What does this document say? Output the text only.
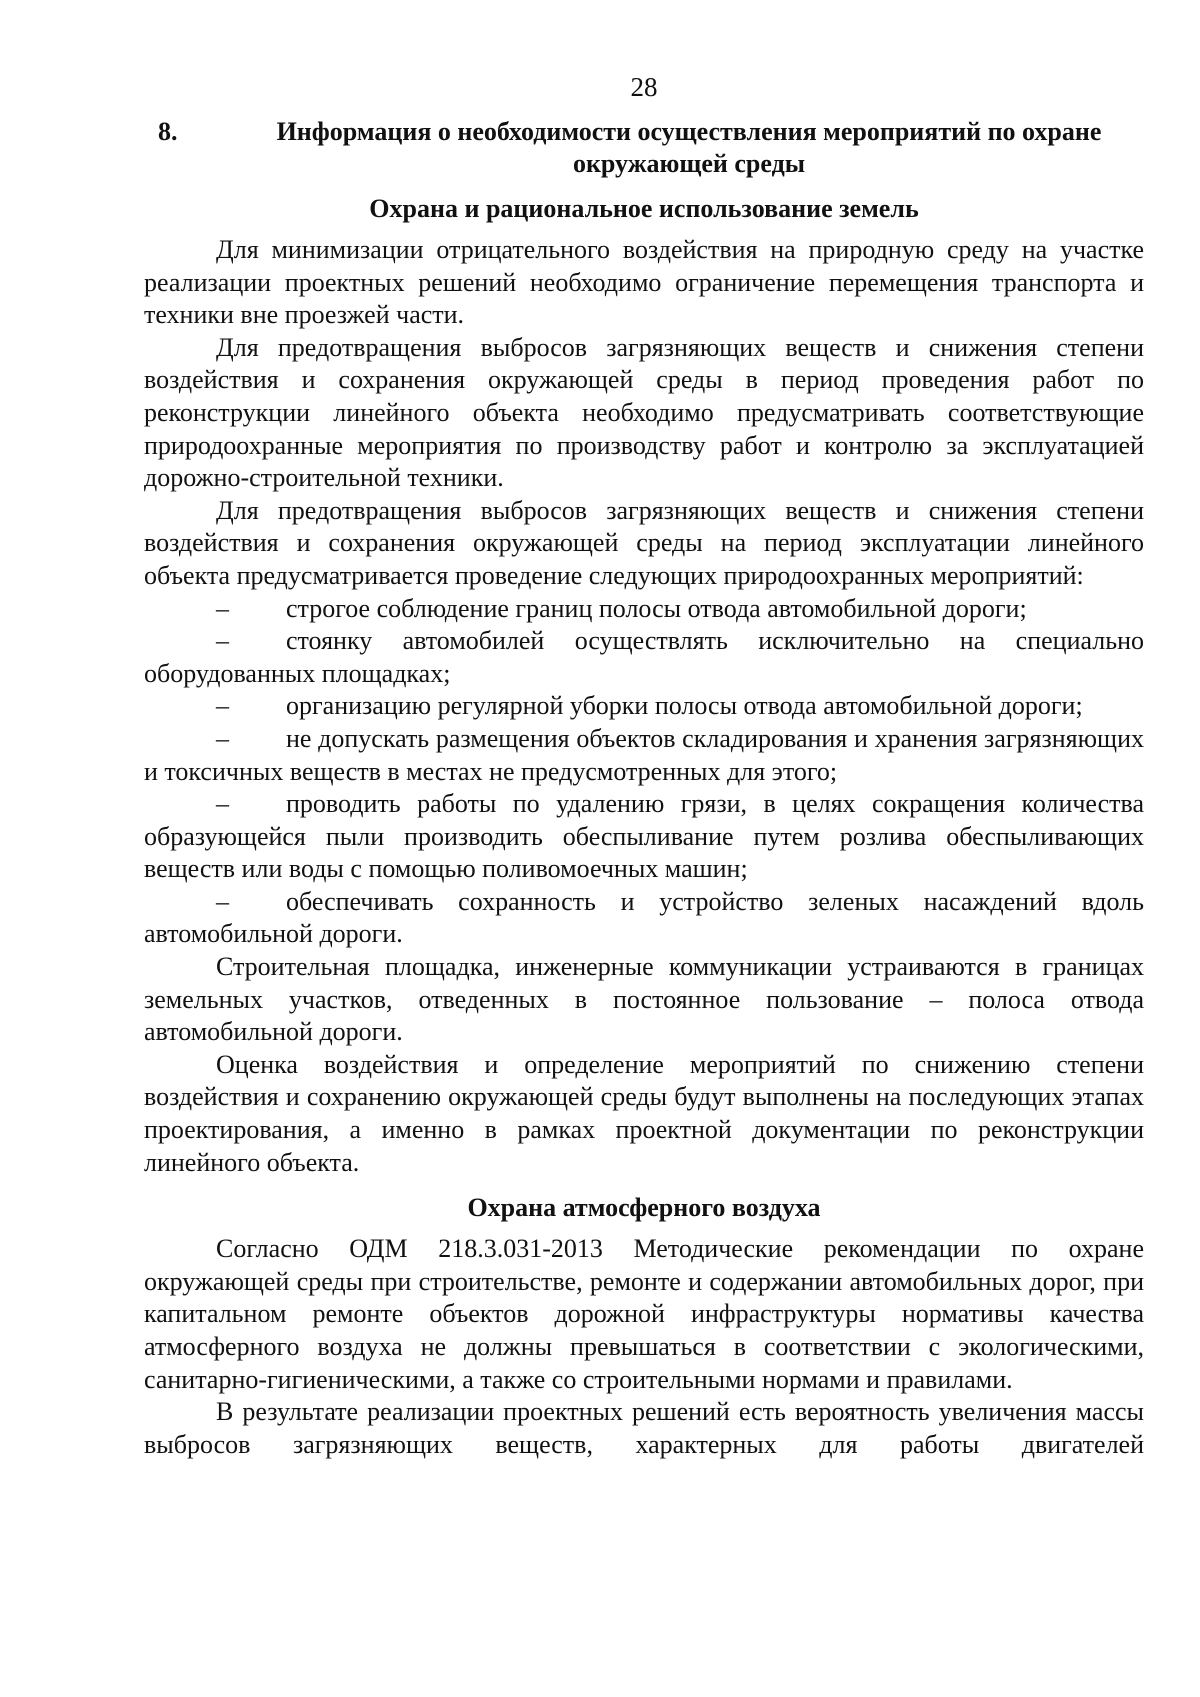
28
8.	Информация о необходимости осуществления мероприятий по охране окружающей среды
Охрана и рациональное использование земель

Для минимизации отрицательного воздействия на природную среду на участке реализации проектных решений необходимо ограничение перемещения транспорта и техники вне проезжей части.

Для предотвращения выбросов загрязняющих веществ и снижения степени воздействия и сохранения окружающей среды в период проведения работ по реконструкции линейного объекта необходимо предусматривать соответствующие природоохранные мероприятия по производству работ и контролю за эксплуатацией дорожно-строительной техники.

Для предотвращения выбросов загрязняющих веществ и снижения степени воздействия и сохранения окружающей среды на период эксплуатации линейного объекта предусматривается проведение следующих природоохранных мероприятий:

– строгое соблюдение границ полосы отвода автомобильной дороги;
– стоянку автомобилей осуществлять исключительно на специально оборудованных площадках;
– организацию регулярной уборки полосы отвода автомобильной дороги;
– не допускать размещения объектов складирования и хранения загрязняющих и токсичных веществ в местах не предусмотренных для этого;
– проводить работы по удалению грязи, в целях сокращения количества образующейся пыли производить обеспыливание путем розлива обеспыливающих веществ или воды с помощью поливомоечных машин;
– обеспечивать сохранность и устройство зеленых насаждений вдоль автомобильной дороги.

Строительная площадка, инженерные коммуникации устраиваются в границах земельных участков, отведенных в постоянное пользование – полоса отвода автомобильной дороги.

Оценка воздействия и определение мероприятий по снижению степени воздействия и сохранению окружающей среды будут выполнены на последующих этапах проектирования, а именно в рамках проектной документации по реконструкции линейного объекта.

Охрана атмосферного воздуха

Согласно ОДМ 218.3.031-2013 Методические рекомендации по охране окружающей среды при строительстве, ремонте и содержании автомобильных дорог, при капитальном ремонте объектов дорожной инфраструктуры нормативы качества атмосферного воздуха не должны превышаться в соответствии с экологическими, санитарно-гигиеническими, а также со строительными нормами и правилами.

В результате реализации проектных решений есть вероятность увеличения массы выбросов загрязняющих веществ, характерных для работы двигателей
